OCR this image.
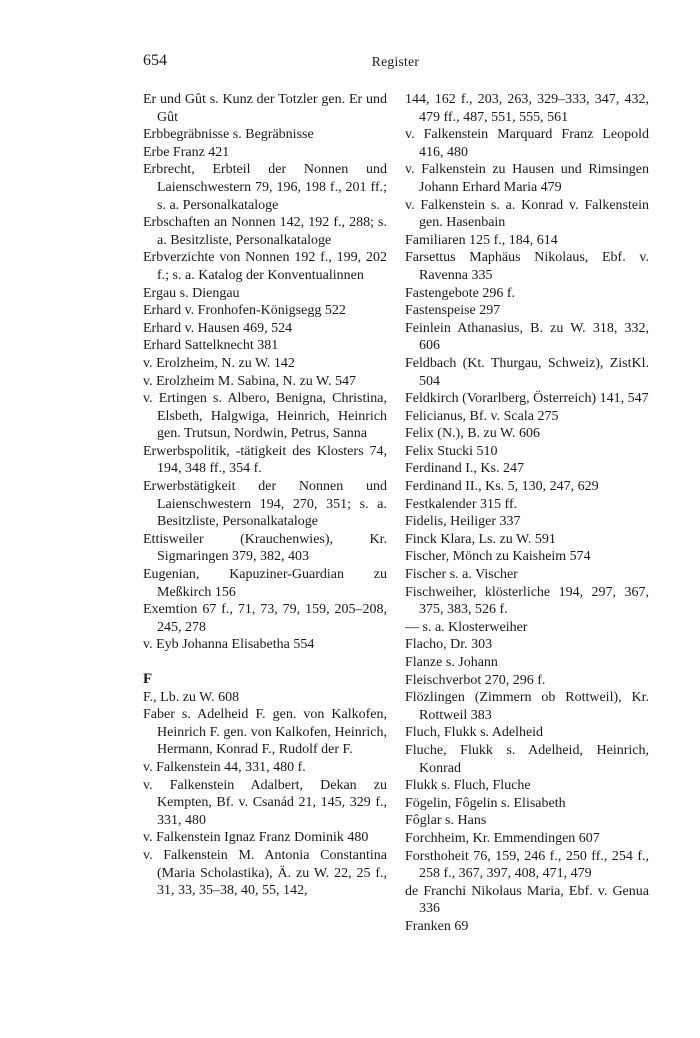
654	Register
Er und Gût s. Kunz der Totzler gen. Er und Gût
Erbbegräbnisse s. Begräbnisse
Erbe Franz 421
Erbrecht, Erbteil der Nonnen und Laienschwestern 79, 196, 198 f., 201 ff.; s. a. Personalkataloge
Erbschaften an Nonnen 142, 192 f., 288; s. a. Besitzliste, Personalkataloge
Erbverzichte von Nonnen 192 f., 199, 202 f.; s. a. Katalog der Konventualinnen
Ergau s. Diengau
Erhard v. Fronhofen-Königsegg 522
Erhard v. Hausen 469, 524
Erhard Sattelknecht 381
v. Erolzheim, N. zu W. 142
v. Erolzheim M. Sabina, N. zu W. 547
v. Ertingen s. Albero, Benigna, Christina, Elsbeth, Halgwiga, Heinrich, Heinrich gen. Trutsun, Nordwin, Petrus, Sanna
Erwerbspolitik, -tätigkeit des Klosters 74, 194, 348 ff., 354 f.
Erwerbstätigkeit der Nonnen und Laienschwestern 194, 270, 351; s. a. Besitzliste, Personalkataloge
Ettisweiler (Krauchenwies), Kr. Sigmaringen 379, 382, 403
Eugenian, Kapuziner-Guardian zu Meßkirch 156
Exemtion 67 f., 71, 73, 79, 159, 205–208, 245, 278
v. Eyb Johanna Elisabetha 554
F
F., Lb. zu W. 608
Faber s. Adelheid F. gen. von Kalkofen, Heinrich F. gen. von Kalkofen, Heinrich, Hermann, Konrad F., Rudolf der F.
v. Falkenstein 44, 331, 480 f.
v. Falkenstein Adalbert, Dekan zu Kempten, Bf. v. Csanád 21, 145, 329 f., 331, 480
v. Falkenstein Ignaz Franz Dominik 480
v. Falkenstein M. Antonia Constantina (Maria Scholastika), Ä. zu W. 22, 25 f., 31, 33, 35–38, 40, 55, 142,
144, 162 f., 203, 263, 329–333, 347, 432, 479 ff., 487, 551, 555, 561
v. Falkenstein Marquard Franz Leopold 416, 480
v. Falkenstein zu Hausen und Rimsingen Johann Erhard Maria 479
v. Falkenstein s. a. Konrad v. Falkenstein gen. Hasenbain
Familiaren 125 f., 184, 614
Farsettus Maphäus Nikolaus, Ebf. v. Ravenna 335
Fastengebote 296 f.
Fastenspeise 297
Feinlein Athanasius, B. zu W. 318, 332, 606
Feldbach (Kt. Thurgau, Schweiz), ZistKl. 504
Feldkirch (Vorarlberg, Österreich) 141, 547
Felicianus, Bf. v. Scala 275
Felix (N.), B. zu W. 606
Felix Stucki 510
Ferdinand I., Ks. 247
Ferdinand II., Ks. 5, 130, 247, 629
Festkalender 315 ff.
Fidelis, Heiliger 337
Finck Klara, Ls. zu W. 591
Fischer, Mönch zu Kaisheim 574
Fischer s. a. Vischer
Fischweiher, klösterliche 194, 297, 367, 375, 383, 526 f.
— s. a. Klosterweiher
Flacho, Dr. 303
Flanze s. Johann
Fleischverbot 270, 296 f.
Flözlingen (Zimmern ob Rottweil), Kr. Rottweil 383
Fluch, Flukk s. Adelheid
Fluche, Flukk s. Adelheid, Heinrich, Konrad
Flukk s. Fluch, Fluche
Fögelin, Fôgelin s. Elisabeth
Fôglar s. Hans
Forchheim, Kr. Emmendingen 607
Forsthoheit 76, 159, 246 f., 250 ff., 254 f., 258 f., 367, 397, 408, 471, 479
de Franchi Nikolaus Maria, Ebf. v. Genua 336
Franken 69
